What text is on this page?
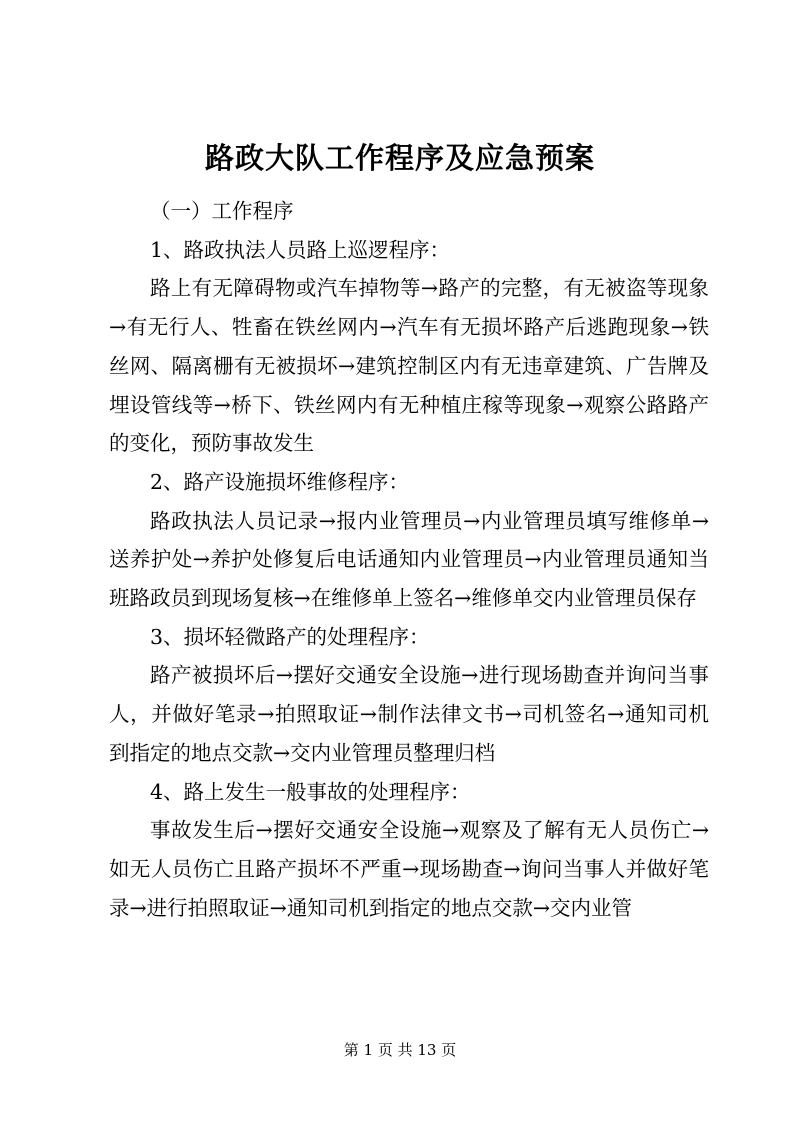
路政大队工作程序及应急预案

（一）工作程序

1、路政执法人员路上巡逻程序：

路上有无障碍物或汽车掉物等→路产的完整，有无被盗等现象→有无行人、牲畜在铁丝网内→汽车有无损坏路产后逃跑现象→铁丝网、隔离栅有无被损坏→建筑控制区内有无违章建筑、广告牌及埋设管线等→桥下、铁丝网内有无种植庄稼等现象→观察公路路产的变化，预防事故发生

2、路产设施损坏维修程序：

路政执法人员记录→报内业管理员→内业管理员填写维修单→送养护处→养护处修复后电话通知内业管理员→内业管理员通知当班路政员到现场复核→在维修单上签名→维修单交内业管理员保存

3、损坏轻微路产的处理程序：

路产被损坏后→摆好交通安全设施→进行现场勘查并询问当事人，并做好笔录→拍照取证→制作法律文书→司机签名→通知司机到指定的地点交款→交内业管理员整理归档

4、路上发生一般事故的处理程序：

事故发生后→摆好交通安全设施→观察及了解有无人员伤亡→如无人员伤亡且路产损坏不严重→现场勘查→询问当事人并做好笔录→进行拍照取证→通知司机到指定的地点交款→交内业管

第 1 页 共 13 页
